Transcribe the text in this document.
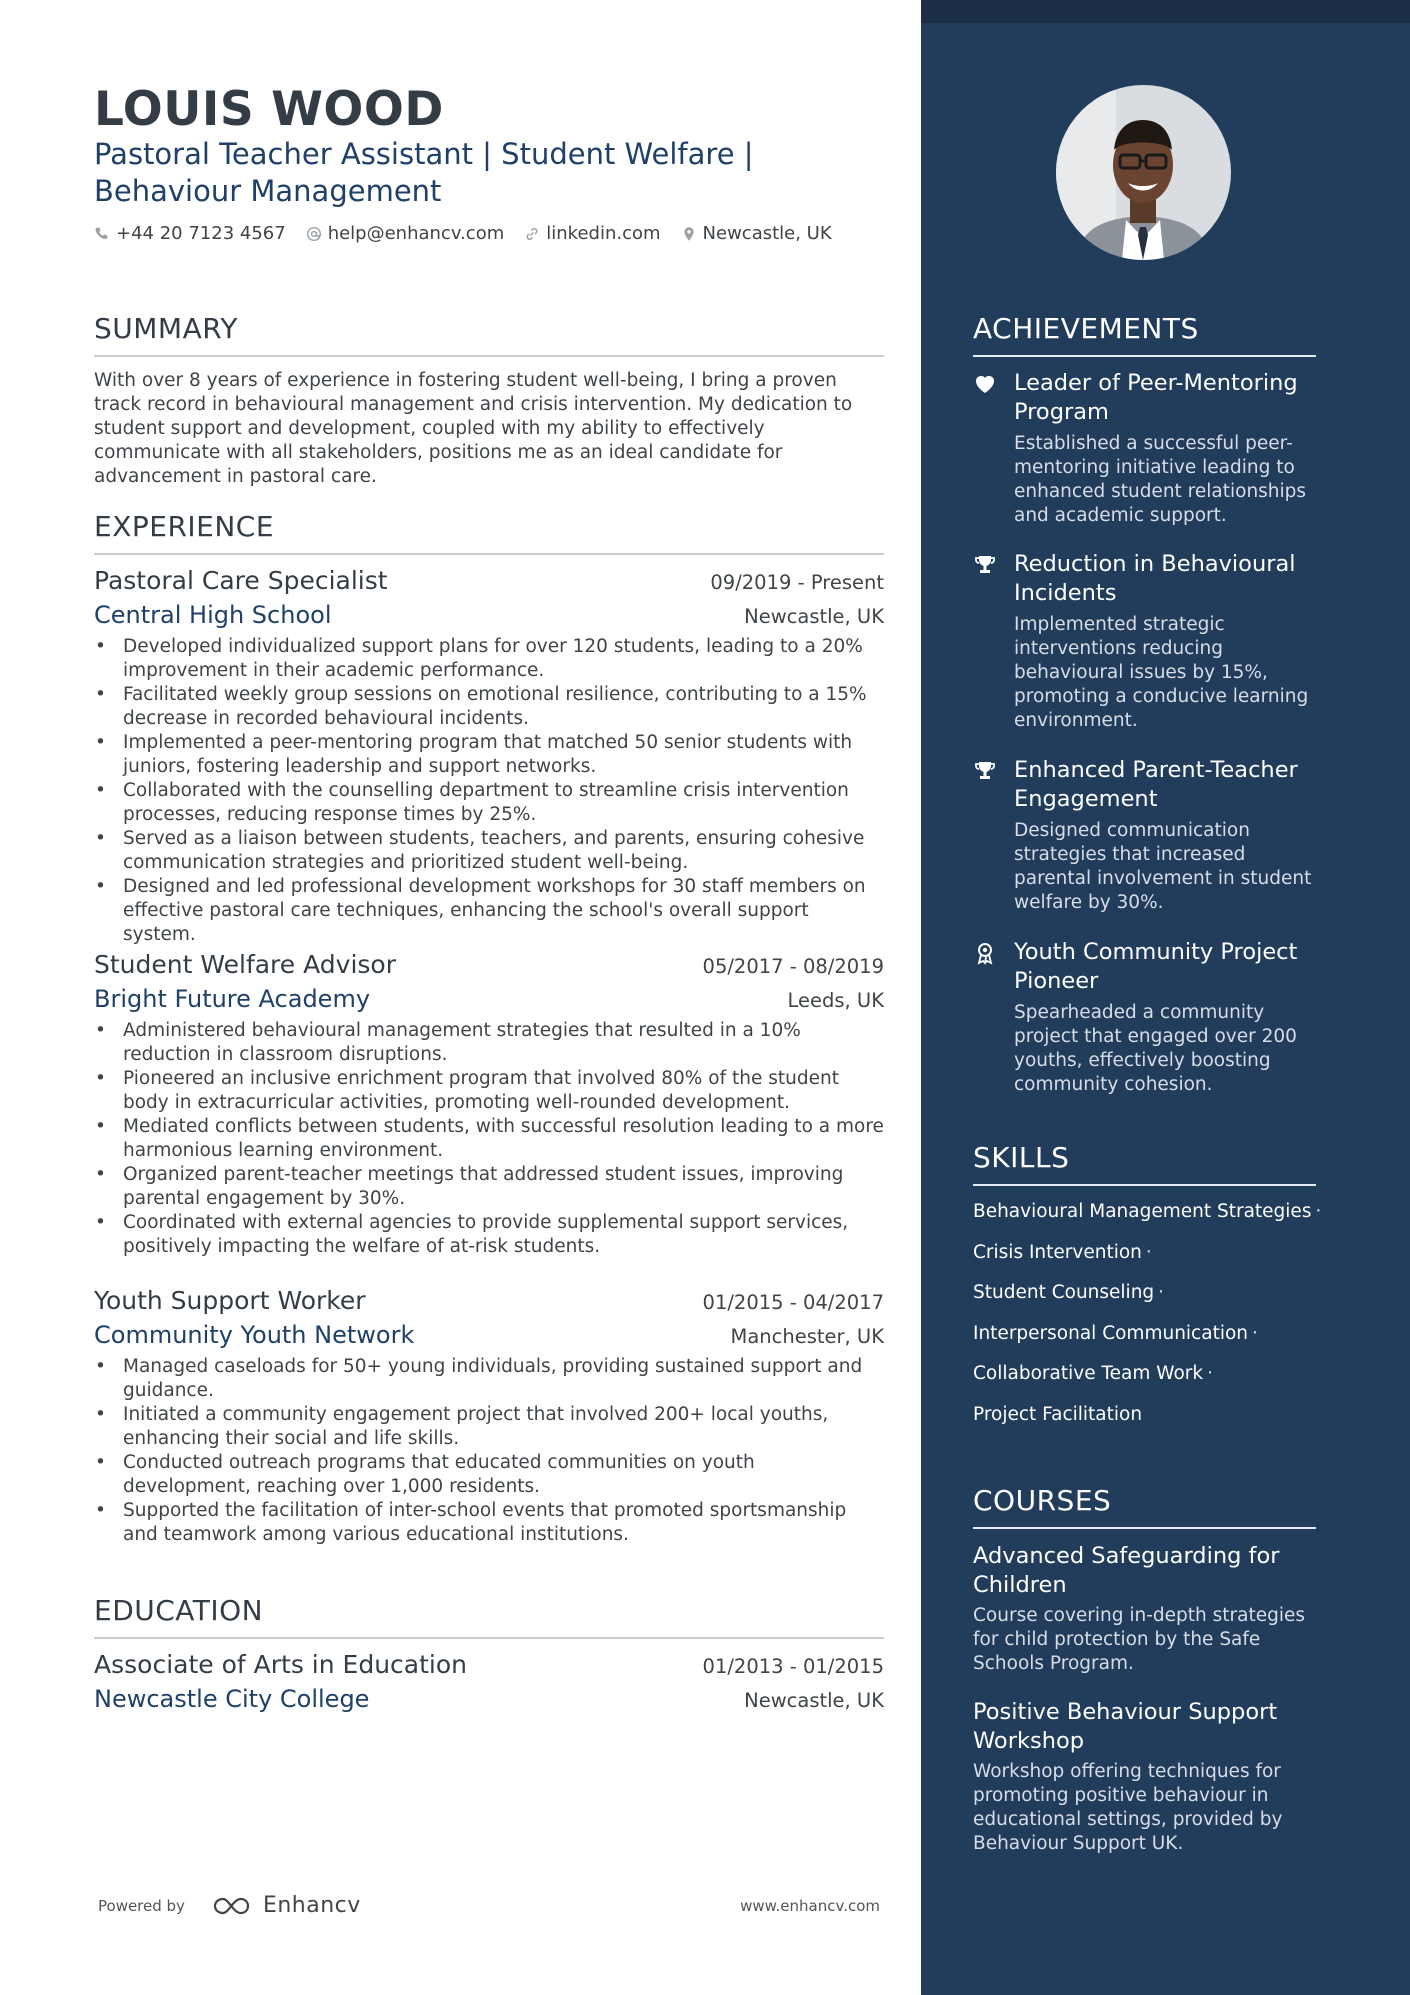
LOUIS WOOD
Pastoral Teacher Assistant | Student Welfare | Behaviour Management
+44 20 7123 4567 help@enhancv.com linkedin.com Newcastle, UK
SUMMARY

With over 8 years of experience in fostering student well-being, I bring a proven track record in behavioural management and crisis intervention. My dedication to student support and development, coupled with my ability to effectively communicate with all stakeholders, positions me as an ideal candidate for advancement in pastoral care.

EXPERIENCE
Pastoral Care Specialist	09/2019 - Present
Central High School	Newcastle, UK
• Developed individualized support plans for over 120 students, leading to a 20% improvement in their academic performance.
• Facilitated weekly group sessions on emotional resilience, contributing to a 15% decrease in recorded behavioural incidents.
• Implemented a peer-mentoring program that matched 50 senior students with juniors, fostering leadership and support networks.
• Collaborated with the counselling department to streamline crisis intervention processes, reducing response times by 25%.
• Served as a liaison between students, teachers, and parents, ensuring cohesive communication strategies and prioritized student well-being.
• Designed and led professional development workshops for 30 staff members on effective pastoral care techniques, enhancing the school's overall support system.
Student Welfare Advisor	05/2017 - 08/2019
Bright Future Academy	Leeds, UK
• Administered behavioural management strategies that resulted in a 10% reduction in classroom disruptions.
• Pioneered an inclusive enrichment program that involved 80% of the student body in extracurricular activities, promoting well-rounded development.
• Mediated conflicts between students, with successful resolution leading to a more harmonious learning environment.
• Organized parent-teacher meetings that addressed student issues, improving parental engagement by 30%.
• Coordinated with external agencies to provide supplemental support services, positively impacting the welfare of at-risk students.
Youth Support Worker	01/2015 - 04/2017
Community Youth Network	Manchester, UK
• Managed caseloads for 50+ young individuals, providing sustained support and guidance.
• Initiated a community engagement project that involved 200+ local youths, enhancing their social and life skills.
• Conducted outreach programs that educated communities on youth development, reaching over 1,000 residents.
• Supported the facilitation of inter-school events that promoted sportsmanship and teamwork among various educational institutions.
EDUCATION
Associate of Arts in Education	01/2013 - 01/2015
Newcastle City College	Newcastle, UK
Powered by	Enhancv	www.enhancv.com
ACHIEVEMENTS
Leader of Peer-Mentoring Program
Established a successful peer-mentoring initiative leading to enhanced student relationships and academic support.
Reduction in Behavioural Incidents
Implemented strategic interventions reducing behavioural issues by 15%, promoting a conducive learning environment.
Enhanced Parent-Teacher Engagement
Designed communication strategies that increased parental involvement in student welfare by 30%.
Youth Community Project Pioneer
Spearheaded a community project that engaged over 200 youths, effectively boosting community cohesion.
SKILLS
Behavioural Management Strategies ·
Crisis Intervention ·
Student Counseling ·
Interpersonal Communication ·
Collaborative Team Work ·
Project Facilitation
COURSES
Advanced Safeguarding for Children
Course covering in-depth strategies for child protection by the Safe Schools Program.
Positive Behaviour Support Workshop
Workshop offering techniques for promoting positive behaviour in educational settings, provided by Behaviour Support UK.
